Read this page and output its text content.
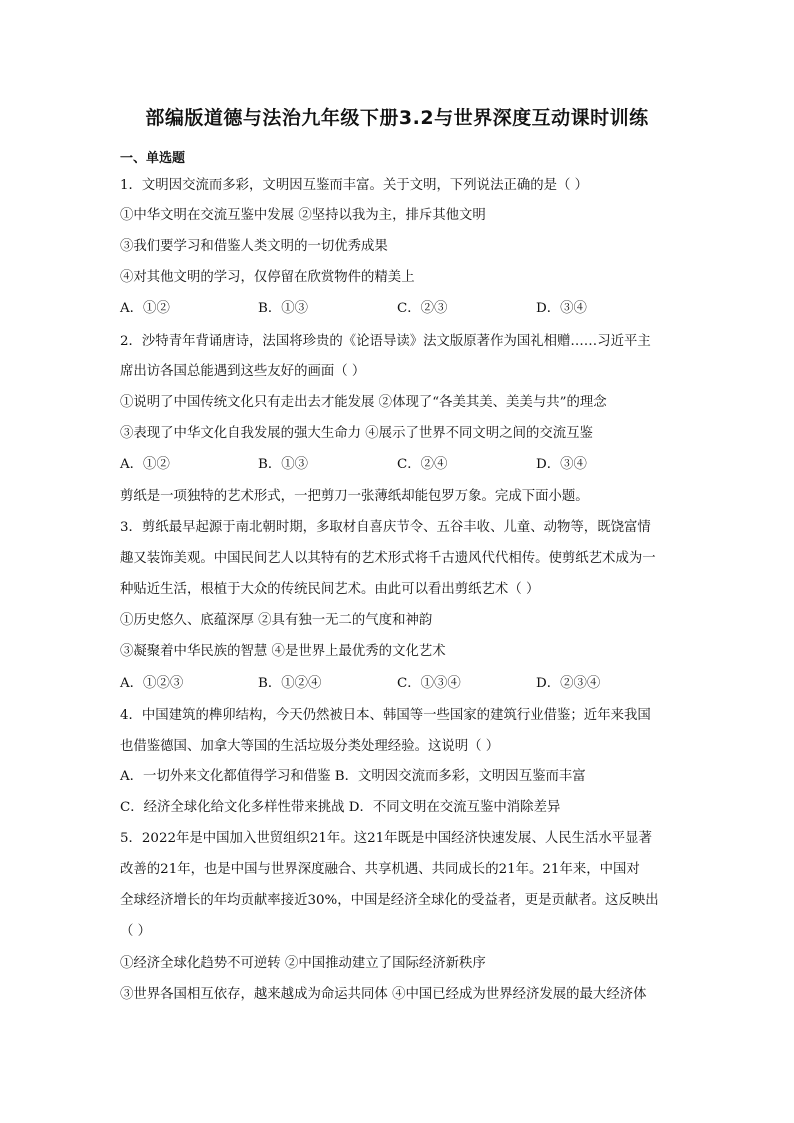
部编版道德与法治九年级下册3.2与世界深度互动课时训练
一、单选题
1．文明因交流而多彩，文明因互鉴而丰富。关于文明，下列说法正确的是（ ）
①中华文明在交流互鉴中发展 ②坚持以我为主，排斥其他文明
③我们要学习和借鉴人类文明的一切优秀成果
④对其他文明的学习，仅停留在欣赏物件的精美上
A．①②	B．①③	C．②③	D．③④
2．沙特青年背诵唐诗，法国将珍贵的《论语导读》法文版原著作为国礼相赠……习近平主
席出访各国总能遇到这些友好的画面（ ）
①说明了中国传统文化只有走出去才能发展 ②体现了“各美其美、美美与共”的理念
③表现了中华文化自我发展的强大生命力 ④展示了世界不同文明之间的交流互鉴
A．①②	B．①③	C．②④	D．③④
剪纸是一项独特的艺术形式，一把剪刀一张薄纸却能包罗万象。完成下面小题。
3．剪纸最早起源于南北朝时期，多取材自喜庆节令、五谷丰收、儿童、动物等，既饶富情
趣又装饰美观。中国民间艺人以其特有的艺术形式将千古遗风代代相传。使剪纸艺术成为一
种贴近生活，根植于大众的传统民间艺术。由此可以看出剪纸艺术（ ）
①历史悠久、底蕴深厚 ②具有独一无二的气度和神韵
③凝聚着中华民族的智慧 ④是世界上最优秀的文化艺术
A．①②③	B．①②④	C．①③④	D．②③④
4．中国建筑的榫卯结构，今天仍然被日本、韩国等一些国家的建筑行业借鉴；近年来我国
也借鉴德国、加拿大等国的生活垃圾分类处理经验。这说明（ ）
A．一切外来文化都值得学习和借鉴 B．文明因交流而多彩，文明因互鉴而丰富
C．经济全球化给文化多样性带来挑战 D．不同文明在交流互鉴中消除差异
5．2022年是中国加入世贸组织21年。这21年既是中国经济快速发展、人民生活水平显著
改善的21年，也是中国与世界深度融合、共享机遇、共同成长的21年。21年来，中国对
全球经济增长的年均贡献率接近30%，中国是经济全球化的受益者，更是贡献者。这反映出
（ ）
①经济全球化趋势不可逆转 ②中国推动建立了国际经济新秩序
③世界各国相互依存，越来越成为命运共同体 ④中国已经成为世界经济发展的最大经济体
